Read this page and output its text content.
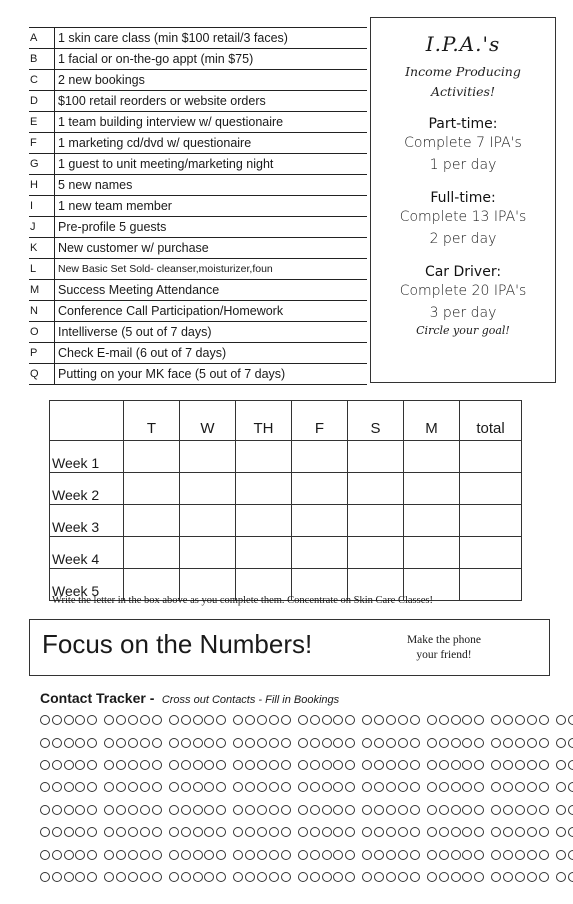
A	1 skin care class (min $100 retail/3 faces)
B	1 facial or on-the-go appt (min $75)
C	2 new bookings
D	$100 retail reorders or website orders
E	1 team building interview w/ questionaire
F	1 marketing cd/dvd w/ questionaire
G	1 guest to unit meeting/marketing night
H	5 new names
I	1 new team member
J	Pre-profile 5 guests
K	New customer w/ purchase
L	New Basic Set Sold- cleanser,moisturizer,foun
M	Success Meeting Attendance
N	Conference Call Participation/Homework
O	Intelliverse (5 out of 7 days)
P	Check E-mail (6 out of 7 days)
Q	Putting on your MK face (5 out of 7 days)
I.P.A.'s
Income Producing
Activities!
Part-time:
Complete 7 IPA's
1 per day
Full-time:
Complete 13 IPA's
2 per day
Car Driver:
Complete 20 IPA's
3 per day
Circle your goal!
	T	W	TH	F	S	M	total
Week 1							
Week 2							
Week 3							
Week 4							
Week 5							
Write the letter in the box above as you complete them. Concentrate on Skin Care Classes!
Focus on the Numbers!	Make the phone
your friend!
Contact Tracker - Cross out Contacts - Fill in Bookings
